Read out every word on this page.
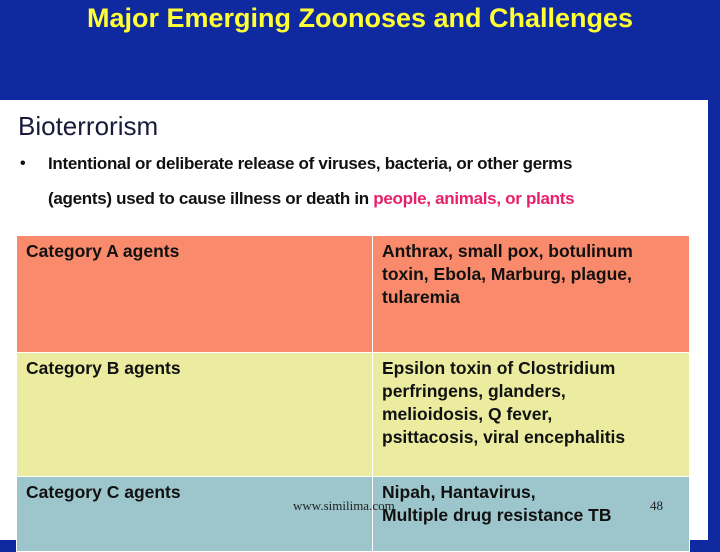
Major Emerging Zoonoses and Challenges
Bioterrorism
• Intentional or deliberate release of viruses, bacteria, or other germs
(agents) used to cause illness or death in people, animals, or plants
Category A agents	Anthrax, small pox, botulinum
toxin, Ebola, Marburg, plague,
tularemia

Category B agents	Epsilon toxin of Clostridium
perfringens, glanders,
melioidosis, Q fever,
psittacosis, viral encephalitis

Category C agents	Nipah, Hantavirus,
Multiple drug resistance TB
www.similima.com	48
